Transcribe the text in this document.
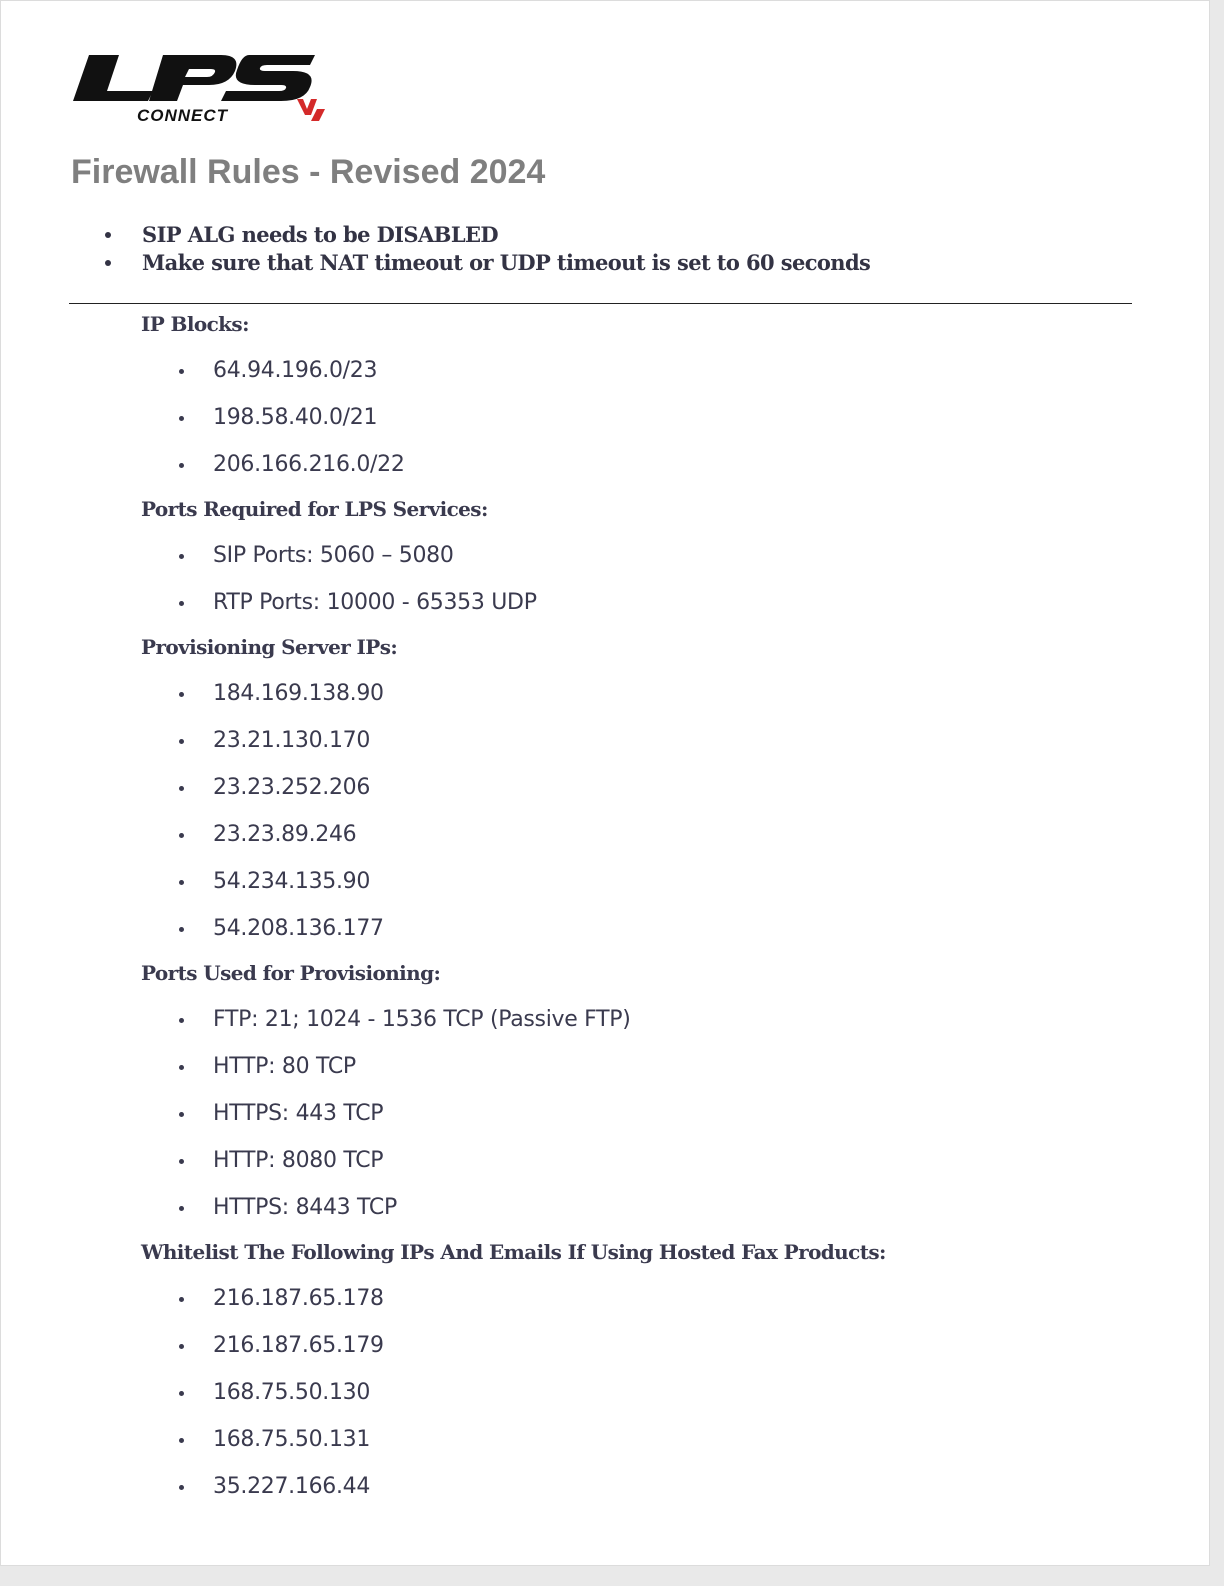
CONNECT
Firewall Rules - Revised 2024
SIP ALG needs to be DISABLED
Make sure that NAT timeout or UDP timeout is set to 60 seconds
IP Blocks:
64.94.196.0/23
198.58.40.0/21
206.166.216.0/22
Ports Required for LPS Services:
SIP Ports: 5060 – 5080
RTP Ports: 10000 - 65353 UDP
Provisioning Server IPs:
184.169.138.90
23.21.130.170
23.23.252.206
23.23.89.246
54.234.135.90
54.208.136.177
Ports Used for Provisioning:
FTP: 21; 1024 - 1536 TCP (Passive FTP)
HTTP: 80 TCP
HTTPS: 443 TCP
HTTP: 8080 TCP
HTTPS: 8443 TCP
Whitelist The Following IPs And Emails If Using Hosted Fax Products:
216.187.65.178
216.187.65.179
168.75.50.130
168.75.50.131
35.227.166.44
